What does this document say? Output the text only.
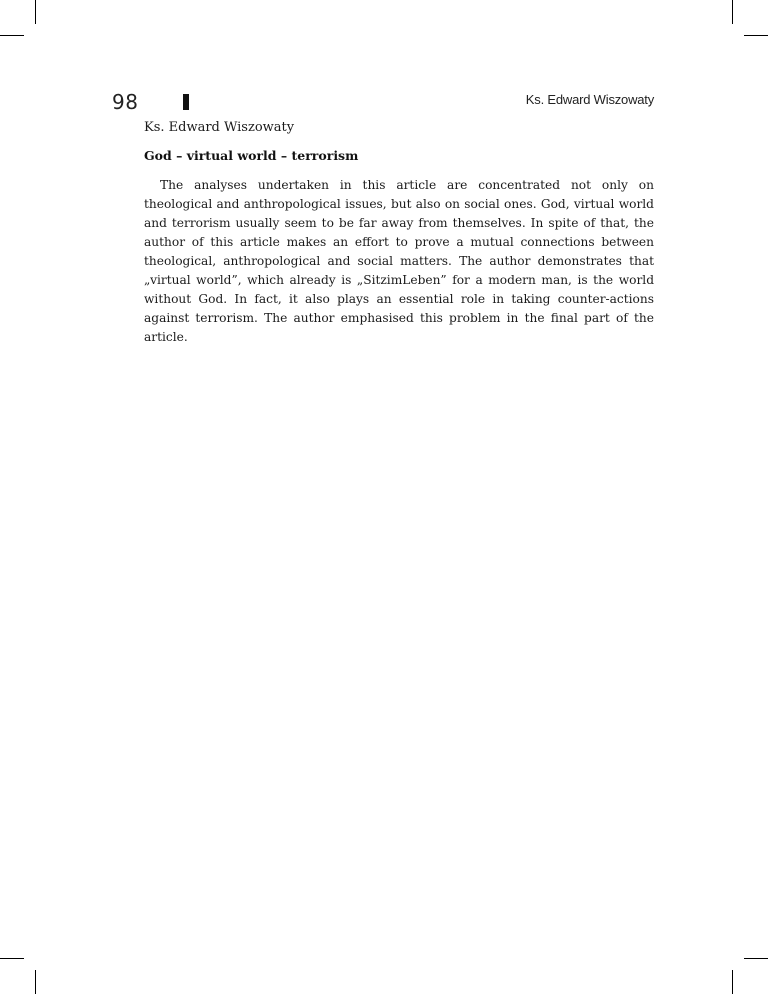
98	Ks. Edward Wiszowaty
Ks. Edward Wiszowaty
God – virtual world – terrorism

The analyses undertaken in this article are concentrated not only on theological and anthropological issues, but also on social ones. God, virtual world and terrorism usually seem to be far away from themselves. In spite of that, the author of this article makes an effort to prove a mutual connections between theological, anthropological and social matters. The author demonstrates that „virtual world”, which already is „SitzimLeben” for a modern man, is the world without God. In fact, it also plays an essential role in taking counter-actions against terrorism. The author emphasised this problem in the final part of the article.
